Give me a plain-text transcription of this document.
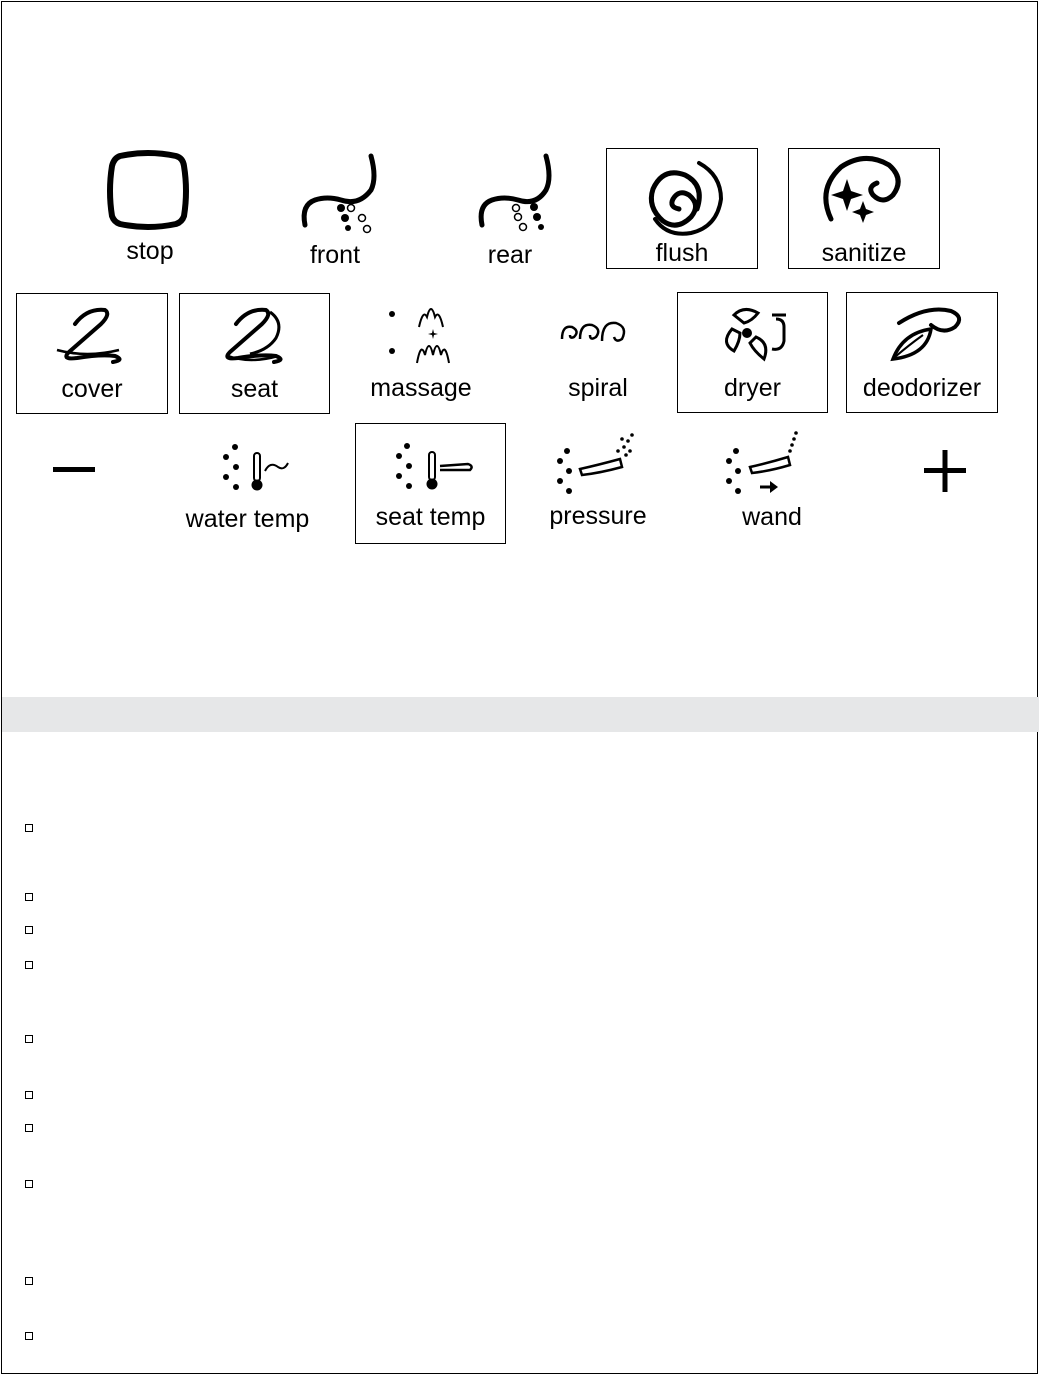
stop	front	rear	flush	sanitize
cover	seat	massage	spiral	dryer	deodorizer
water temp	seat temp	pressure	wand
